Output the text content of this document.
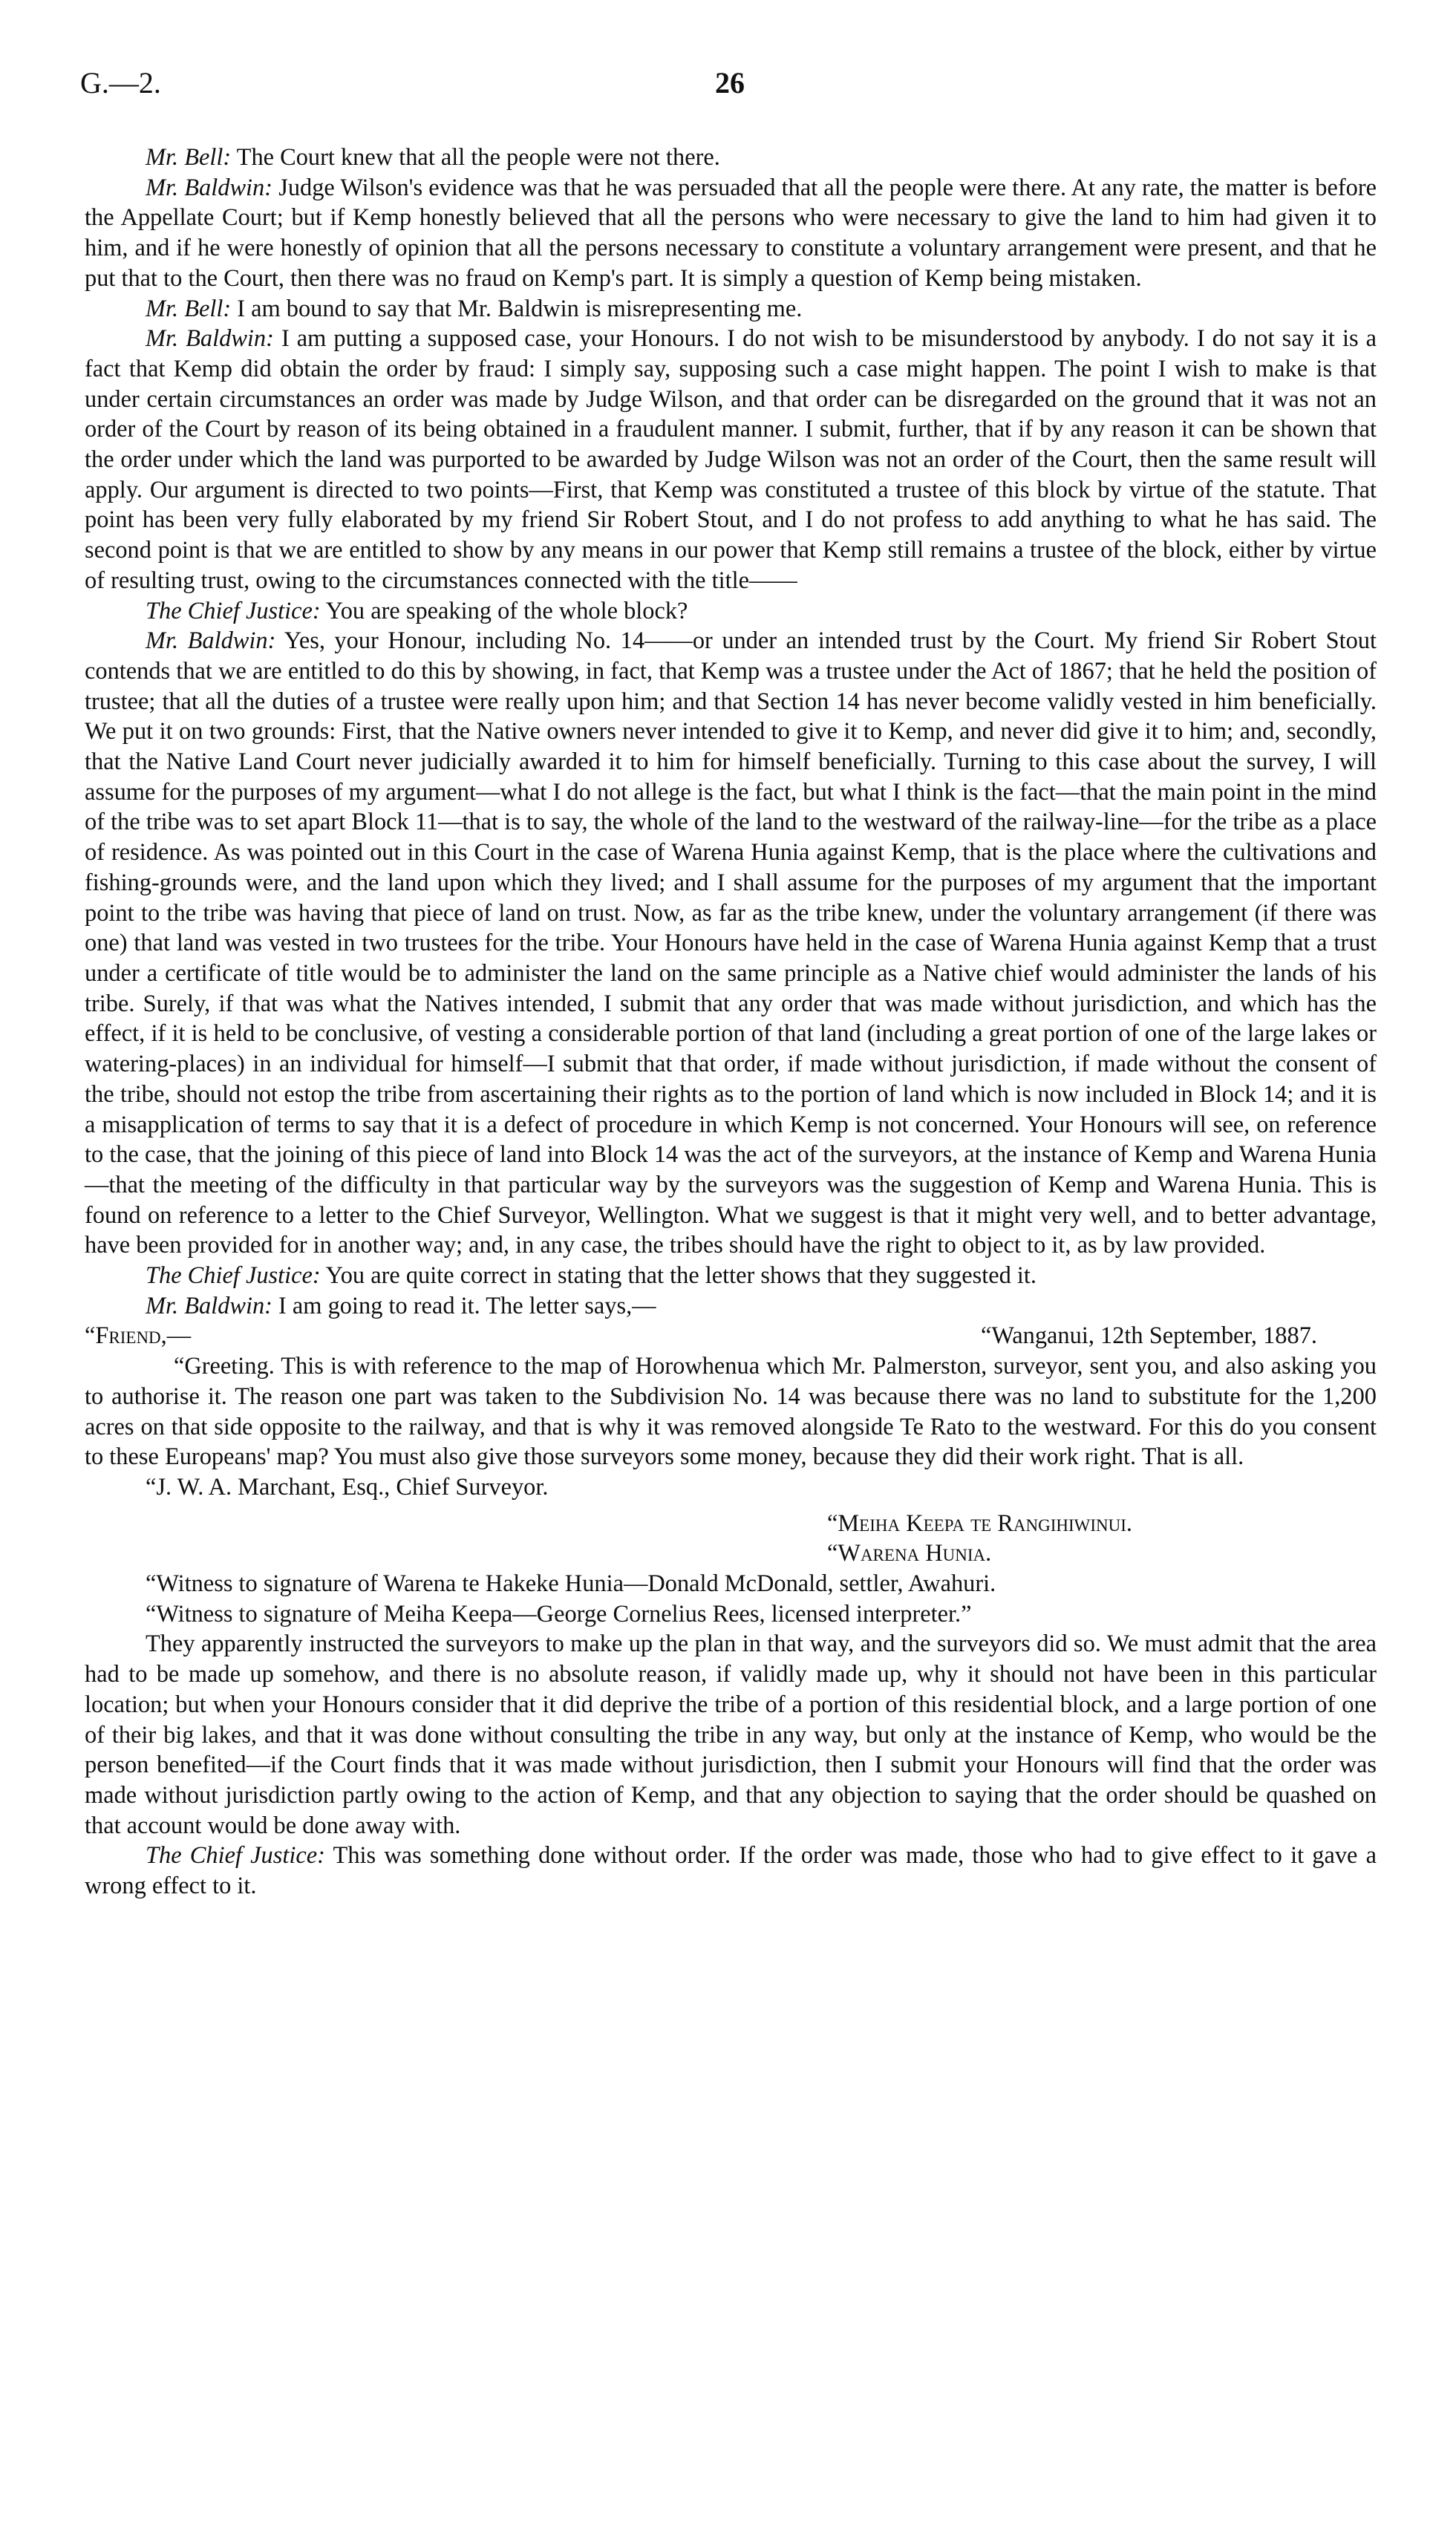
G.—2.	26

Mr. Bell: The Court knew that all the people were not there.

Mr. Baldwin: Judge Wilson's evidence was that he was persuaded that all the people were there. At any rate, the matter is before the Appellate Court; but if Kemp honestly believed that all the persons who were necessary to give the land to him had given it to him, and if he were honestly of opinion that all the persons necessary to constitute a voluntary arrangement were present, and that he put that to the Court, then there was no fraud on Kemp's part. It is simply a question of Kemp being mistaken.

Mr. Bell: I am bound to say that Mr. Baldwin is misrepresenting me.

Mr. Baldwin: I am putting a supposed case, your Honours. I do not wish to be misunderstood by anybody. I do not say it is a fact that Kemp did obtain the order by fraud: I simply say, supposing such a case might happen. The point I wish to make is that under certain circumstances an order was made by Judge Wilson, and that order can be disregarded on the ground that it was not an order of the Court by reason of its being obtained in a fraudulent manner. I submit, further, that if by any reason it can be shown that the order under which the land was purported to be awarded by Judge Wilson was not an order of the Court, then the same result will apply. Our argument is directed to two points—First, that Kemp was constituted a trustee of this block by virtue of the statute. That point has been very fully elaborated by my friend Sir Robert Stout, and I do not profess to add anything to what he has said. The second point is that we are entitled to show by any means in our power that Kemp still remains a trustee of the block, either by virtue of resulting trust, owing to the circumstances connected with the title——

The Chief Justice: You are speaking of the whole block?

Mr. Baldwin: Yes, your Honour, including No. 14——or under an intended trust by the Court. My friend Sir Robert Stout contends that we are entitled to do this by showing, in fact, that Kemp was a trustee under the Act of 1867; that he held the position of trustee; that all the duties of a trustee were really upon him; and that Section 14 has never become validly vested in him beneficially. We put it on two grounds: First, that the Native owners never intended to give it to Kemp, and never did give it to him; and, secondly, that the Native Land Court never judicially awarded it to him for himself beneficially. Turning to this case about the survey, I will assume for the purposes of my argument—what I do not allege is the fact, but what I think is the fact—that the main point in the mind of the tribe was to set apart Block 11—that is to say, the whole of the land to the westward of the railway-line—for the tribe as a place of residence. As was pointed out in this Court in the case of Warena Hunia against Kemp, that is the place where the cultivations and fishing-grounds were, and the land upon which they lived; and I shall assume for the purposes of my argument that the important point to the tribe was having that piece of land on trust. Now, as far as the tribe knew, under the voluntary arrangement (if there was one) that land was vested in two trustees for the tribe. Your Honours have held in the case of Warena Hunia against Kemp that a trust under a certificate of title would be to administer the land on the same principle as a Native chief would administer the lands of his tribe. Surely, if that was what the Natives intended, I submit that any order that was made without jurisdiction, and which has the effect, if it is held to be conclusive, of vesting a considerable portion of that land (including a great portion of one of the large lakes or watering-places) in an individual for himself—I submit that that order, if made without jurisdiction, if made without the consent of the tribe, should not estop the tribe from ascertaining their rights as to the portion of land which is now included in Block 14; and it is a misapplication of terms to say that it is a defect of procedure in which Kemp is not concerned. Your Honours will see, on reference to the case, that the joining of this piece of land into Block 14 was the act of the surveyors, at the instance of Kemp and Warena Hunia—that the meeting of the difficulty in that particular way by the surveyors was the suggestion of Kemp and Warena Hunia. This is found on reference to a letter to the Chief Surveyor, Wellington. What we suggest is that it might very well, and to better advantage, have been provided for in another way; and, in any case, the tribes should have the right to object to it, as by law provided.

The Chief Justice: You are quite correct in stating that the letter shows that they suggested it.

Mr. Baldwin: I am going to read it. The letter says,—

“Friend,—	“Wanganui, 12th September, 1887.

“Greeting. This is with reference to the map of Horowhenua which Mr. Palmerston, surveyor, sent you, and also asking you to authorise it. The reason one part was taken to the Subdivision No. 14 was because there was no land to substitute for the 1,200 acres on that side opposite to the railway, and that is why it was removed alongside Te Rato to the westward. For this do you consent to these Europeans' map? You must also give those surveyors some money, because they did their work right. That is all.

“J. W. A. Marchant, Esq., Chief Surveyor.

“Meiha Keepa te Rangihiwinui.

“Warena Hunia.

“Witness to signature of Warena te Hakeke Hunia—Donald McDonald, settler, Awahuri.

“Witness to signature of Meiha Keepa—George Cornelius Rees, licensed interpreter.”

They apparently instructed the surveyors to make up the plan in that way, and the surveyors did so. We must admit that the area had to be made up somehow, and there is no absolute reason, if validly made up, why it should not have been in this particular location; but when your Honours consider that it did deprive the tribe of a portion of this residential block, and a large portion of one of their big lakes, and that it was done without consulting the tribe in any way, but only at the instance of Kemp, who would be the person benefited—if the Court finds that it was made without jurisdiction, then I submit your Honours will find that the order was made without jurisdiction partly owing to the action of Kemp, and that any objection to saying that the order should be quashed on that account would be done away with.

The Chief Justice: This was something done without order. If the order was made, those who had to give effect to it gave a wrong effect to it.
